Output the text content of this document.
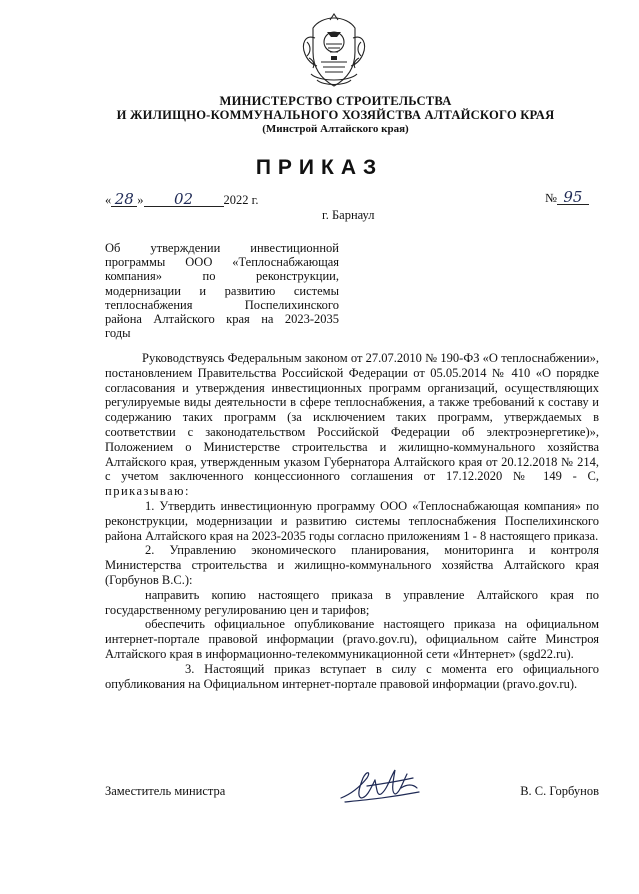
МИНИСТЕРСТВО СТРОИТЕЛЬСТВА
И ЖИЛИЩНО-КОММУНАЛЬНОГО ХОЗЯЙСТВА АЛТАЙСКОГО КРАЯ
(Минстрой Алтайского края)
ПРИКАЗ
« 28 »	02	2022 г.	№ 95
г. Барнаул
Об утверждении инвестиционной
программы ООО «Теплоснабжающая
компания» по реконструкции,
модернизации и развитию системы
теплоснабжения Поспелихинского
района Алтайского края на 2023-2035
годы

Руководствуясь Федеральным законом от 27.07.2010 № 190-ФЗ «О теплоснабжении», постановлением Правительства Российской Федерации от 05.05.2014 № 410 «О порядке согласования и утверждения инвестиционных программ организаций, осуществляющих регулируемые виды деятельности в сфере теплоснабжения, а также требований к составу и содержанию таких программ (за исключением таких программ, утверждаемых в соответствии с законодательством Российской Федерации об электроэнергетике)», Положением о Министерстве строительства и жилищно-коммунального хозяйства Алтайского края, утвержденным указом Губернатора Алтайского края от 20.12.2018 № 214, с учетом заключенного концессионного соглашения от 17.12.2020 № 149 - С, приказываю:

1. Утвердить инвестиционную программу ООО «Теплоснабжающая компания» по реконструкции, модернизации и развитию системы теплоснабжения Поспелихинского района Алтайского края на 2023-2035 годы согласно приложениям 1 - 8 настоящего приказа.

2. Управлению экономического планирования, мониторинга и контроля Министерства строительства и жилищно-коммунального хозяйства Алтайского края (Горбунов В.С.):

направить копию настоящего приказа в управление Алтайского края по государственному регулированию цен и тарифов;

обеспечить официальное опубликование настоящего приказа на официальном интернет-портале правовой информации (pravo.gov.ru), официальном сайте Минстроя Алтайского края в информационно-телекоммуникационной сети «Интернет» (sgd22.ru).

3. Настоящий приказ вступает в силу с момента его официального опубликования на Официальном интернет-портале правовой информации (pravo.gov.ru).

Заместитель министра	В. С. Горбунов
